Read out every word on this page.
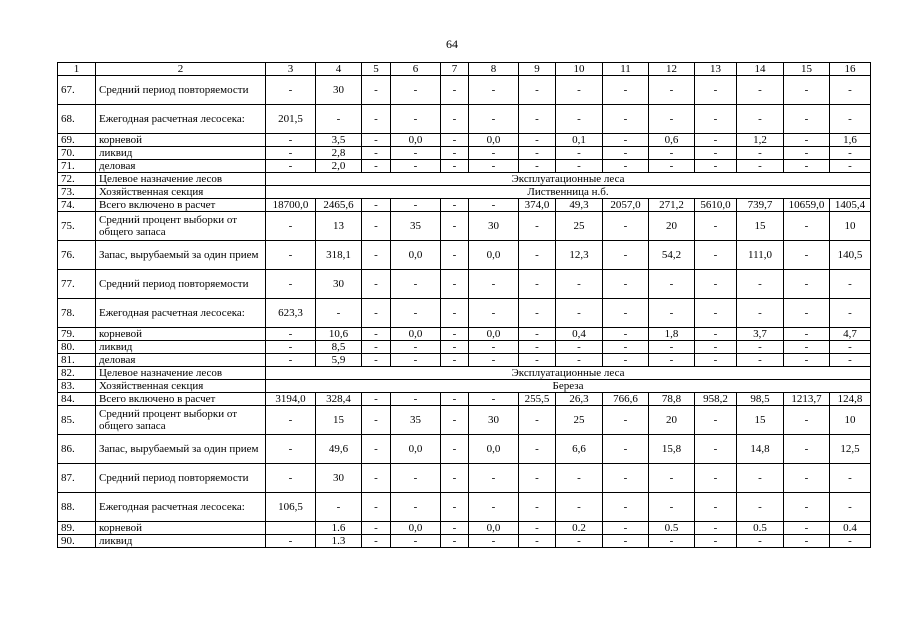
64
1	2	3	4	5	6	7	8	9	10	11	12	13	14	15	16
67.	Средний период повторяемости	-	30	-	-	-	-	-	-	-	-	-	-	-	-
68.	Ежегодная расчетная лесосека:	201,5	-	-	-	-	-	-	-	-	-	-	-	-	-
69.	корневой	-	3,5	-	0,0	-	0,0	-	0,1	-	0,6	-	1,2	-	1,6
70.	ликвид	-	2,8	-	-	-	-	-	-	-	-	-	-	-	-
71.	деловая	-	2,0	-	-	-	-	-	-	-	-	-	-	-	-
72.	Целевое назначение лесов	Эксплуатационные леса													
73.	Хозяйственная секция	Лиственница н.б.													
74.	Всего включено в расчет	18700,0	2465,6	-	-	-	-	374,0	49,3	2057,0	271,2	5610,0	739,7	10659,0	1405,4
75.	Средний процент выборки от общего запаса	-	13	-	35	-	30	-	25	-	20	-	15	-	10
76.	Запас, вырубаемый за один прием	-	318,1	-	0,0	-	0,0	-	12,3	-	54,2	-	111,0	-	140,5
77.	Средний период повторяемости	-	30	-	-	-	-	-	-	-	-	-	-	-	-
78.	Ежегодная расчетная лесосека:	623,3	-	-	-	-	-	-	-	-	-	-	-	-	-
79.	корневой	-	10,6	-	0,0	-	0,0	-	0,4	-	1,8	-	3,7	-	4,7
80.	ликвид	-	8,5	-	-	-	-	-	-	-	-	-	-	-	-
81.	деловая	-	5,9	-	-	-	-	-	-	-	-	-	-	-	-
82.	Целевое назначение лесов	Эксплуатационные леса													
83.	Хозяйственная секция	Береза													
84.	Всего включено в расчет	3194,0	328,4	-	-	-	-	255,5	26,3	766,6	78,8	958,2	98,5	1213,7	124,8
85.	Средний процент выборки от общего запаса	-	15	-	35	-	30	-	25	-	20	-	15	-	10
86.	Запас, вырубаемый за один прием	-	49,6	-	0,0	-	0,0	-	6,6	-	15,8	-	14,8	-	12,5
87.	Средний период повторяемости	-	30	-	-	-	-	-	-	-	-	-	-	-	-
88.	Ежегодная расчетная лесосека:	106,5	-	-	-	-	-	-	-	-	-	-	-	-	-
89.	корневой		1.6	-	0,0	-	0,0	-	0.2	-	0.5	-	0.5	-	0.4
90.	ликвид	-	1.3	-	-	-	-	-	-	-	-	-	-	-	-
